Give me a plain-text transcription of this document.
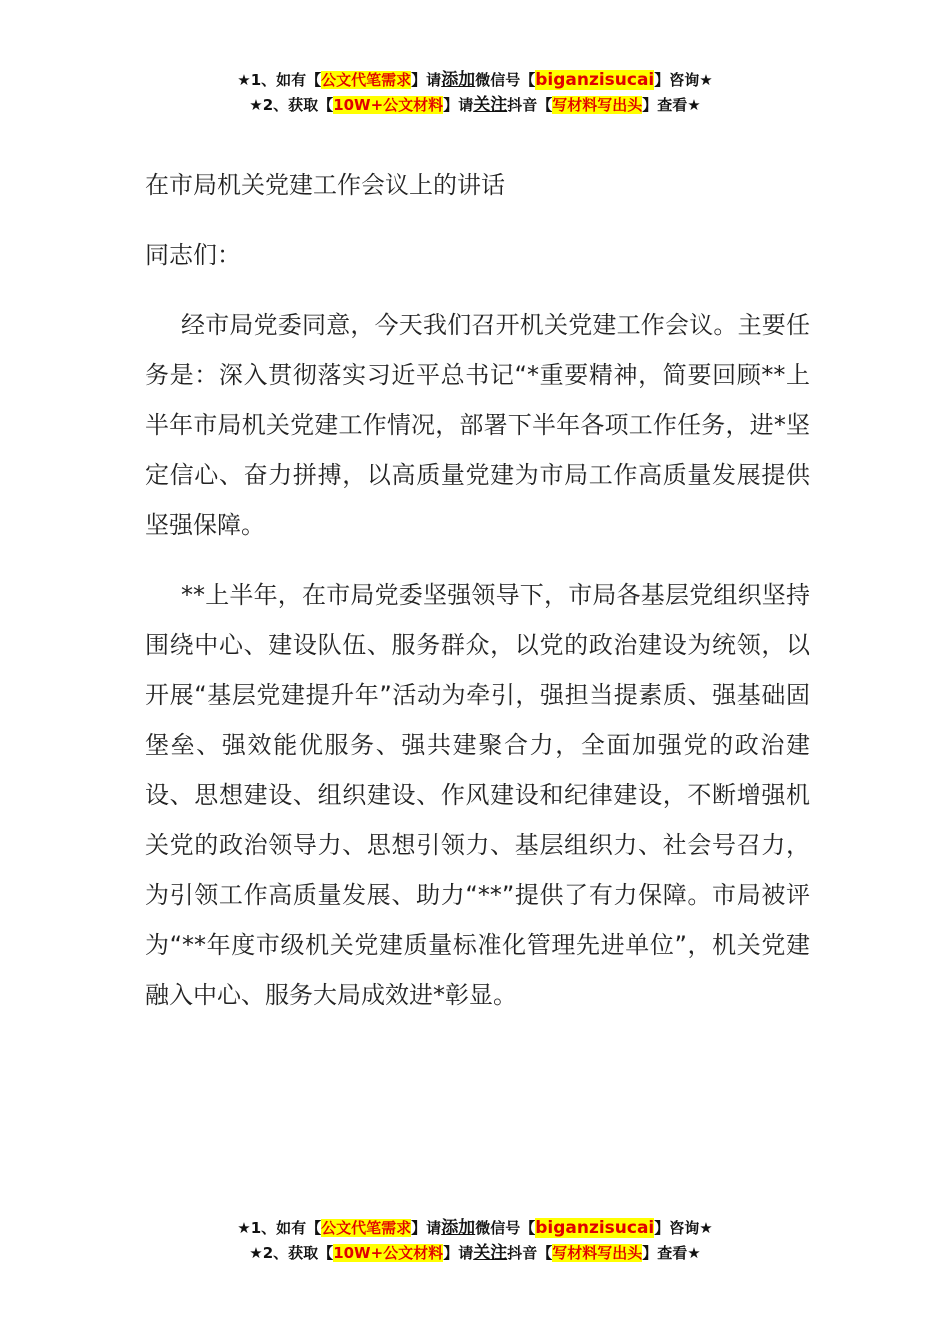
★1、如有【公文代笔需求】请添加微信号【biganzisucai】咨询★
★2、获取【10W+公文材料】请关注抖音【写材料写出头】查看★
在市局机关党建工作会议上的讲话

同志们：

经市局党委同意，今天我们召开机关党建工作会议。主要任务是：深入贯彻落实习近平总书记“*重要精神，简要回顾**上半年市局机关党建工作情况，部署下半年各项工作任务，进*坚定信心、奋力拼搏，以高质量党建为市局工作高质量发展提供坚强保障。

**上半年，在市局党委坚强领导下，市局各基层党组织坚持围绕中心、建设队伍、服务群众，以党的政治建设为统领，以开展“基层党建提升年”活动为牵引，强担当提素质、强基础固堡垒、强效能优服务、强共建聚合力，全面加强党的政治建设、思想建设、组织建设、作风建设和纪律建设，不断增强机关党的政治领导力、思想引领力、基层组织力、社会号召力，为引领工作高质量发展、助力“**”提供了有力保障。市局被评为“**年度市级机关党建质量标准化管理先进单位”，机关党建融入中心、服务大局成效进*彰显。

★1、如有【公文代笔需求】请添加微信号【biganzisucai】咨询★
★2、获取【10W+公文材料】请关注抖音【写材料写出头】查看★
